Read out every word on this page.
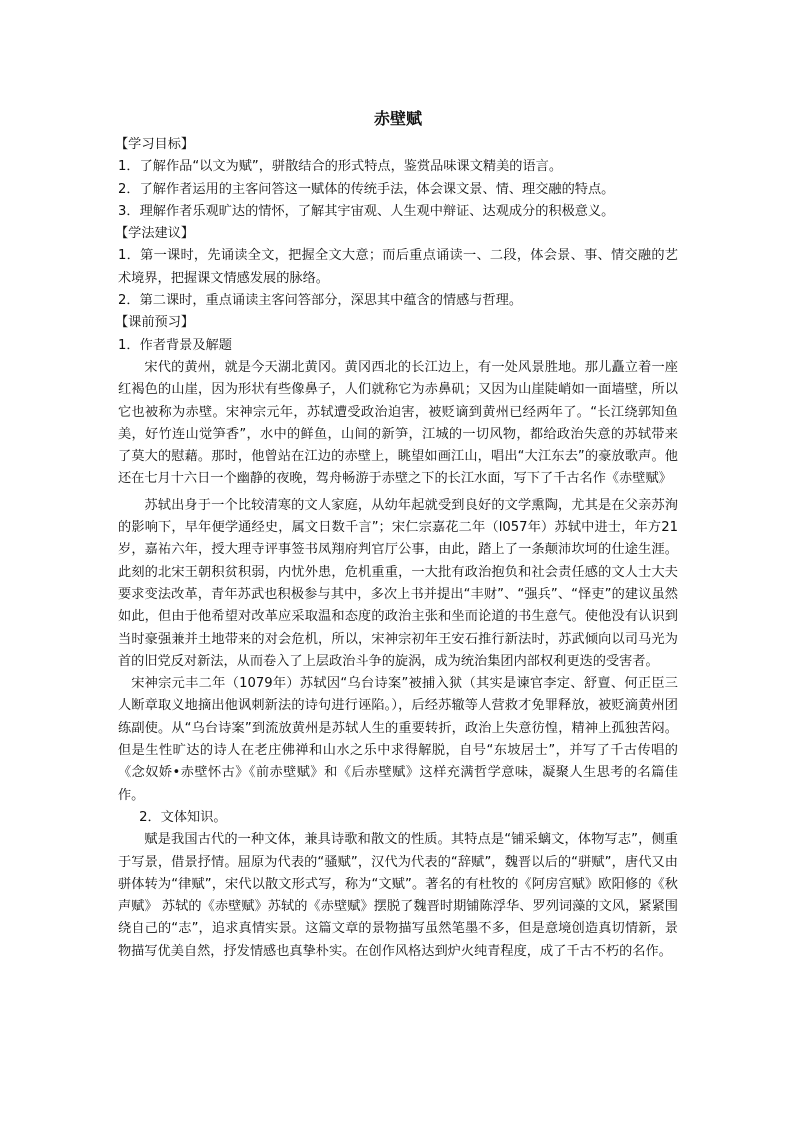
赤壁赋
【学习目标】
1．了解作品“以文为赋”，骈散结合的形式特点，鉴赏品味课文精美的语言。
2．了解作者运用的主客问答这一赋体的传统手法，体会课文景、情、理交融的特点。
3．理解作者乐观旷达的情怀，了解其宇宙观、人生观中辩证、达观成分的积极意义。
【学法建议】

1．第一课时，先诵读全文，把握全文大意；而后重点诵读一、二段，体会景、事、情交融的艺术境界，把握课文情感发展的脉络。

2．第二课时，重点诵读主客问答部分，深思其中蕴含的情感与哲理。
【课前预习】
1．作者背景及解题

宋代的黄州，就是今天湖北黄冈。黄冈西北的长江边上，有一处风景胜地。那儿矗立着一座红褐色的山崖，因为形状有些像鼻子，人们就称它为赤鼻矶；又因为山崖陡峭如一面墙壁，所以它也被称为赤壁。宋神宗元年，苏轼遭受政治迫害，被贬谪到黄州已经两年了。“长江绕郭知鱼美，好竹连山觉笋香”，水中的鲜鱼，山间的新笋，江城的一切风物，都给政治失意的苏轼带来了莫大的慰藉。那时，他曾站在江边的赤壁上，眺望如画江山，唱出“大江东去”的豪放歌声。他还在七月十六日一个幽静的夜晚，驾舟畅游于赤壁之下的长江水面，写下了千古名作《赤壁赋》

苏轼出身于一个比较清寒的文人家庭，从幼年起就受到良好的文学熏陶，尤其是在父亲苏洵的影响下，早年便学通经史，属文日数千言”；宋仁宗嘉花二年（l057年）苏轼中进士，年方21岁，嘉祐六年，授大理寺评事签书凤翔府判官厅公事，由此，踏上了一条颠沛坎坷的仕途生涯。 此刻的北宋王朝积贫积弱，内忧外患，危机重重，一大批有政治抱负和社会责任感的文人士大夫要求变法改革，青年苏武也积极参与其中，多次上书并提出“丰财”、“强兵”、“怿吏”的建议虽然如此，但由于他希望对改革应采取温和态度的政治主张和坐而论道的书生意气。使他没有认识到当时豪强兼并土地带来的对会危机，所以，宋神宗初年王安石推行新法时，苏武倾向以司马光为首的旧党反对新法，从而卷入了上层政治斗争的旋涡，成为统治集团内部权利更迭的受害者。

宋神宗元丰二年（1079年）苏轼因“乌台诗案”被捕入狱（其实是谏官李定、舒亶、何正臣三人断章取义地摘出他讽刺新法的诗句进行诬陷。），后经苏辙等人营救才免罪释放，被贬滴黄州团练副使。从“乌台诗案”到流放黄州是苏轼人生的重要转折，政治上失意彷惶，精神上孤独苦闷。但是生性旷达的诗人在老庄佛禅和山水之乐中求得解脱，自号“东坡居士”，并写了千古传唱的《念奴娇•赤壁怀古》《前赤壁赋》和《后赤壁赋》这样充满哲学意味，凝聚人生思考的名篇佳作。

2．文体知识。

赋是我国古代的一种文体，兼具诗歌和散文的性质。其特点是“铺采螭文，体物写志”，侧重于写景，借景抒情。屈原为代表的“骚赋”，汉代为代表的“辞赋”，魏晋以后的“骈赋”，唐代又由骈体转为“律赋”，宋代以散文形式写，称为“文赋”。著名的有杜牧的《阿房宫赋》欧阳修的《秋声赋》 苏轼的《赤壁赋》苏轼的《赤壁赋》摆脱了魏晋时期铺陈浮华、罗列词藻的文风，紧紧围绕自己的“志”，追求真情实景。这篇文章的景物描写虽然笔墨不多，但是意境创造真切情新，景物描写优美自然，抒发情感也真挚朴实。在创作风格达到炉火纯青程度，成了千古不朽的名作。
